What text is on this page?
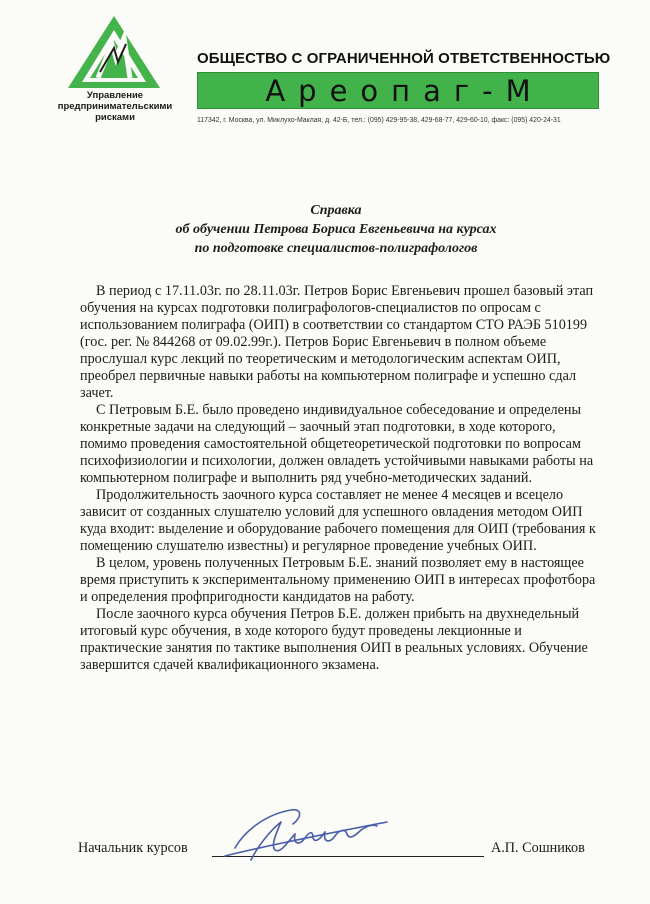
Управление
предпринимательскими
рисками
ОБЩЕСТВО С ОГРАНИЧЕННОЙ ОТВЕТСТВЕННОСТЬЮ
Ареопаг-М
117342, г. Москва, ул. Миклухо-Маклая, д. 42-Б, тел.: (095) 429-95-38, 429-68-77, 429-60-10, факс: (095) 420-24-31
Справка
об обучении Петрова Бориса Евгеньевича на курсах
по подготовке специалистов-полиграфологов

В период с 17.11.03г. по 28.11.03г. Петров Борис Евгеньевич прошел базовый этап обучения на курсах подготовки полиграфологов-специалистов по опросам с использованием полиграфа (ОИП) в соответствии со стандартом СТО РАЭБ 510199 (гос. рег. № 844268 от 09.02.99г.). Петров Борис Евгеньевич в полном объеме прослушал курс лекций по теоретическим и методологическим аспектам ОИП, преобрел первичные навыки работы на компьютерном полиграфе и успешно сдал зачет.

С Петровым Б.Е. было проведено индивидуальное собеседование и определены конкретные задачи на следующий – заочный этап подготовки, в ходе которого, помимо проведения самостоятельной общетеоретической подготовки по вопросам психофизиологии и психологии, должен овладеть устойчивыми навыками работы на компьютерном полиграфе и выполнить ряд учебно-методических заданий.

Продолжительность заочного курса составляет не менее 4 месяцев и всецело зависит от созданных слушателю условий для успешного овладения методом ОИП куда входит: выделение и оборудование рабочего помещения для ОИП (требования к помещению слушателю известны) и регулярное проведение учебных ОИП.

В целом, уровень полученных Петровым Б.Е. знаний позволяет ему в настоящее время приступить к экспериментальному применению ОИП в интересах профотбора и определения профпригодности кандидатов на работу.

После заочного курса обучения Петров Б.Е. должен прибыть на двухнедельный итоговый курс обучения, в ходе которого будут проведены лекционные и практические занятия по тактике выполнения ОИП в реальных условиях. Обучение завершится сдачей квалификационного экзамена.

Начальник курсов	А.П. Сошников
